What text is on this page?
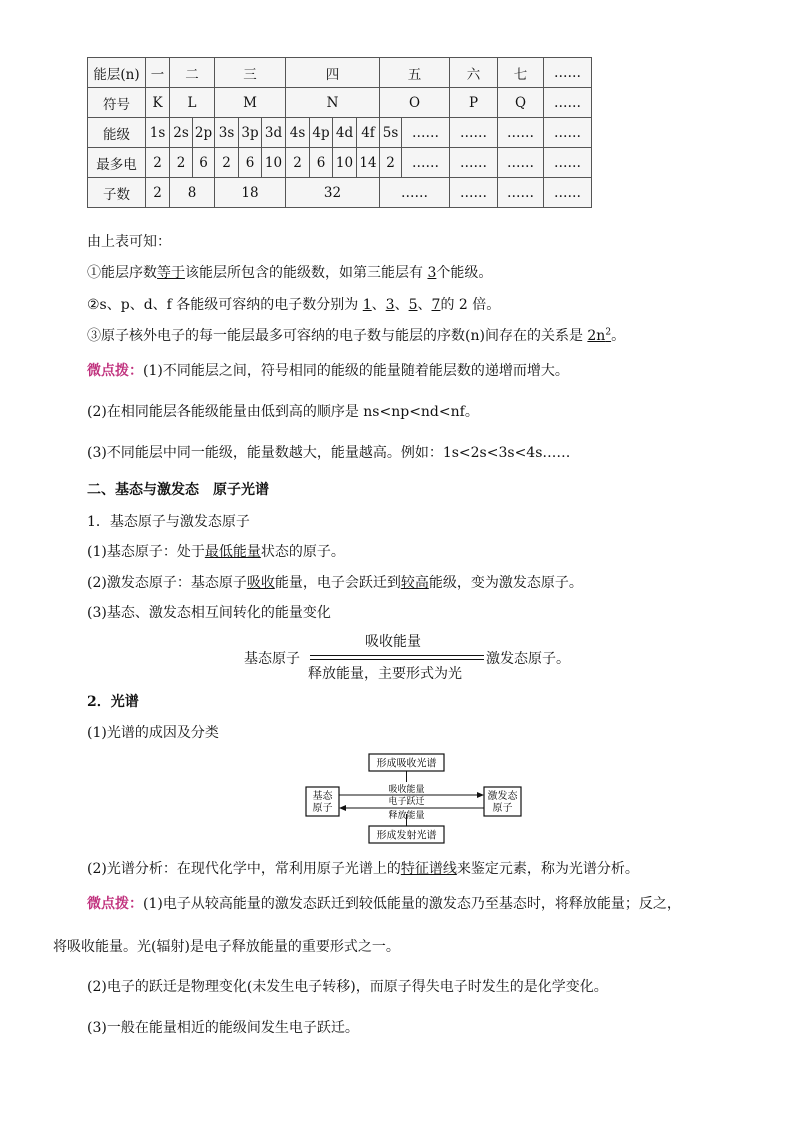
能层(n)	一	二		三			四				五		六	七	……
符号	K	L		M			N				O		P	Q	……
能级	1s	2s	2p	3s	3p	3d	4s	4p	4d	4f	5s	……	……	……	……
最多电	2	2	6	2	6	10	2	6	10	14	2	……	……	……	……
子数	2	8		18			32				……		……	……	……
由上表可知：
①能层序数等于该能层所包含的能级数，如第三能层有 3个能级。
②s、p、d、f 各能级可容纳的电子数分别为 1、3、5、7的 2 倍。
③原子核外电子的每一能层最多可容纳的电子数与能层的序数(n)间存在的关系是 $2n^2$。
微点拨：(1)不同能层之间，符号相同的能级的能量随着能层数的递增而增大。
(2)在相同能层各能级能量由低到高的顺序是 ns<np<nd<nf。
(3)不同能层中同一能级，能量数越大，能量越高。例如：1s<2s<3s<4s……
二、基态与激发态　原子光谱
1．基态原子与激发态原子
(1)基态原子：处于最低能量状态的原子。
(2)激发态原子：基态原子吸收能量，电子会跃迁到较高能级，变为激发态原子。
(3)基态、激发态相互间转化的能量变化
基态原子
吸收能量
释放能量，主要形式为光
激发态原子。
2．光谱
(1)光谱的成因及分类
形成吸收光谱
形成发射光谱
基态
原子
激发态
原子
吸收能量
电子跃迁
释放能量
(2)光谱分析：在现代化学中，常利用原子光谱上的特征谱线来鉴定元素，称为光谱分析。
微点拨：(1)电子从较高能量的激发态跃迁到较低能量的激发态乃至基态时，将释放能量；反之，
将吸收能量。光(辐射)是电子释放能量的重要形式之一。
(2)电子的跃迁是物理变化(未发生电子转移)，而原子得失电子时发生的是化学变化。
(3)一般在能量相近的能级间发生电子跃迁。
